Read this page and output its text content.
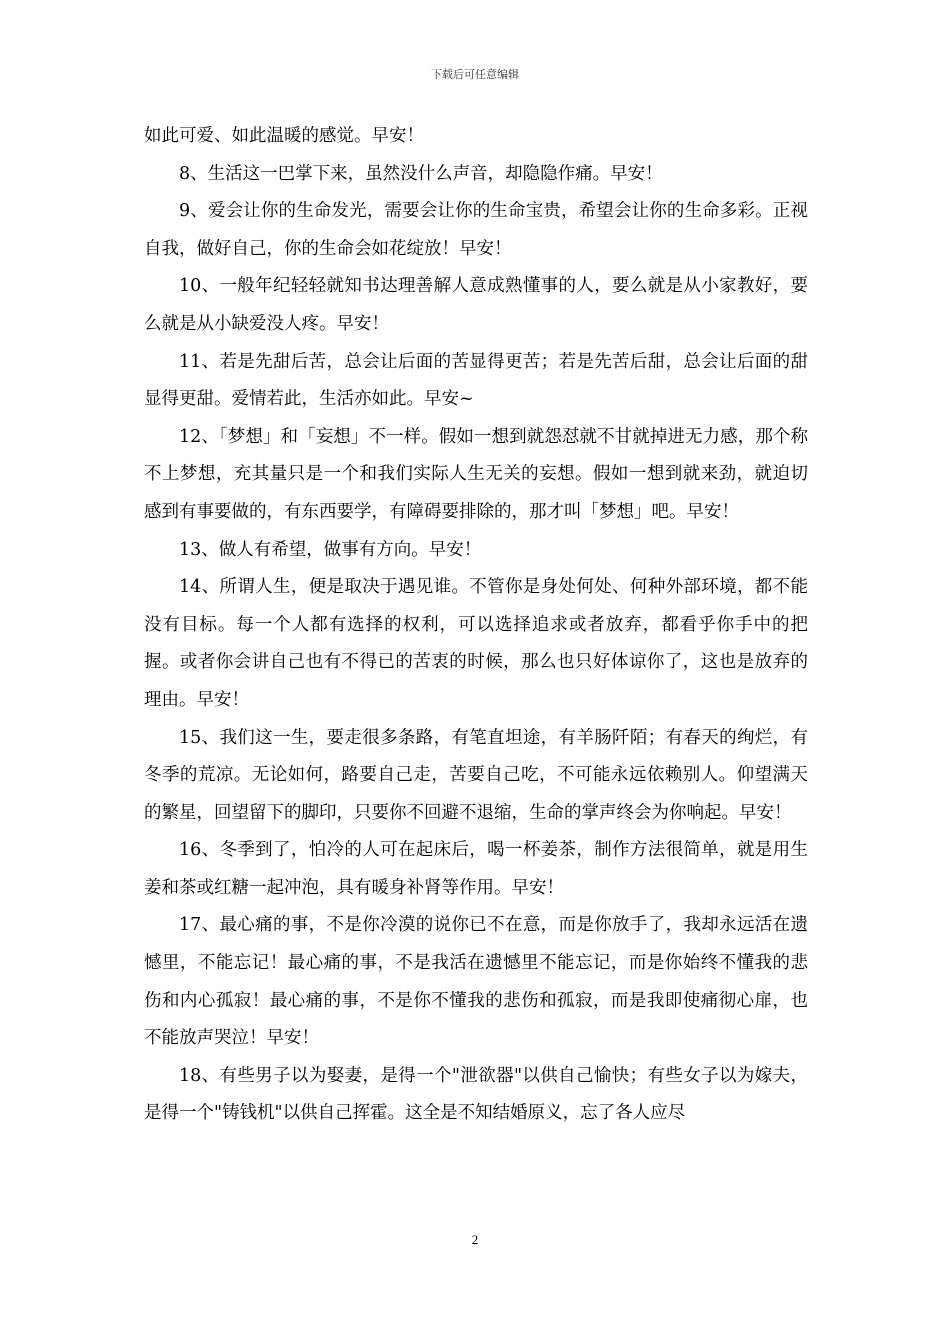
下载后可任意编辑

如此可爱、如此温暖的感觉。早安！

8、生活这一巴掌下来，虽然没什么声音，却隐隐作痛。早安！

9、爱会让你的生命发光，需要会让你的生命宝贵，希望会让你的生命多彩。正视自我，做好自己，你的生命会如花绽放！早安！

10、一般年纪轻轻就知书达理善解人意成熟懂事的人，要么就是从小家教好，要么就是从小缺爱没人疼。早安！

11、若是先甜后苦，总会让后面的苦显得更苦；若是先苦后甜，总会让后面的甜显得更甜。爱情若此，生活亦如此。早安~

12、「梦想」和「妄想」不一样。假如一想到就怨怼就不甘就掉进无力感，那个称不上梦想，充其量只是一个和我们实际人生无关的妄想。假如一想到就来劲，就迫切感到有事要做的，有东西要学，有障碍要排除的，那才叫「梦想」吧。早安！

13、做人有希望，做事有方向。早安！

14、所谓人生，便是取决于遇见谁。不管你是身处何处、何种外部环境，都不能没有目标。每一个人都有选择的权利，可以选择追求或者放弃，都看乎你手中的把握。或者你会讲自己也有不得已的苦衷的时候，那么也只好体谅你了，这也是放弃的理由。早安！

15、我们这一生，要走很多条路，有笔直坦途，有羊肠阡陌；有春天的绚烂，有冬季的荒凉。无论如何，路要自己走，苦要自己吃，不可能永远依赖别人。仰望满天的繁星，回望留下的脚印，只要你不回避不退缩，生命的掌声终会为你响起。早安！

16、冬季到了，怕冷的人可在起床后，喝一杯姜茶，制作方法很简单，就是用生姜和茶或红糖一起冲泡，具有暖身补肾等作用。早安！

17、最心痛的事，不是你冷漠的说你已不在意，而是你放手了，我却永远活在遗憾里，不能忘记！最心痛的事，不是我活在遗憾里不能忘记，而是你始终不懂我的悲伤和内心孤寂！最心痛的事，不是你不懂我的悲伤和孤寂，而是我即使痛彻心扉，也不能放声哭泣！早安！

18、有些男子以为娶妻，是得一个"泄欲器"以供自己愉快；有些女子以为嫁夫，是得一个"铸钱机"以供自己挥霍。这全是不知结婚原义，忘了各人应尽

2
